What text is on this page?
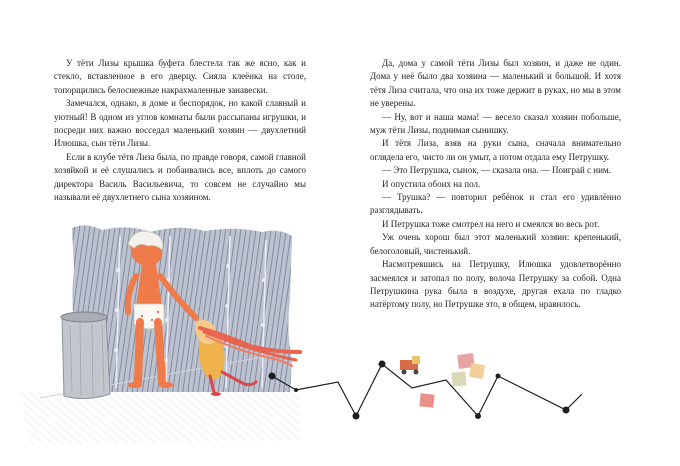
У тёти Лизы крышка буфета блестела так же ясно, как и стекло, вставленное в его дверцу. Сияла клеёнка на столе, топорщились белоснежные накрахмаленные занавески.

Замечался, однако, в доме и беспорядок, но какой славный и уютный! В одном из углов комнаты были рассыпаны игрушки, и посреди них важно восседал маленький хозяин — двухлетний Илюшка, сын тёти Лизы.

Если в клубе тётя Лиза была, по правде говоря, самой главной хозяйкой и её слушались и побаивались все, вплоть до самого директора Василь Васильевича, то совсем не случайно мы называли её двухлетнего сына хозяином.

Да, дома у самой тёти Лизы был хозяин, и даже не один. Дома у неё было два хозяина — маленький и большой. И хотя тётя Лиза считала, что она их тоже держит в руках, но мы в этом не уверены.

— Ну, вот и наша мама! — весело сказал хозяин побольше, муж тёти Лизы, поднимая сынишку.

И тётя Лиза, взяв на руки сына, сначала внимательно оглядела его, чисто ли он умыт, а потом отдала ему Петрушку.

— Это Петрушка, сынок, — сказала она. — Поиграй с ним.

И опустила обоих на пол.

— Трушка? — повторил ребёнок и стал его удивлённо разглядывать.

И Петрушка тоже смотрел на него и смеялся во весь рот.

Уж очень хорош был этот маленький хозяин: крепенький, белоголовый, чистенький.

Насмотревшись на Петрушку, Илюшка удовлетворённо засмеялся и затопал по полу, волоча Петрушку за собой. Одна Петрушкина рука была в воздухе, другая ехала по гладко натёртому полу, но Петрушке это, в общем, нравилось.
